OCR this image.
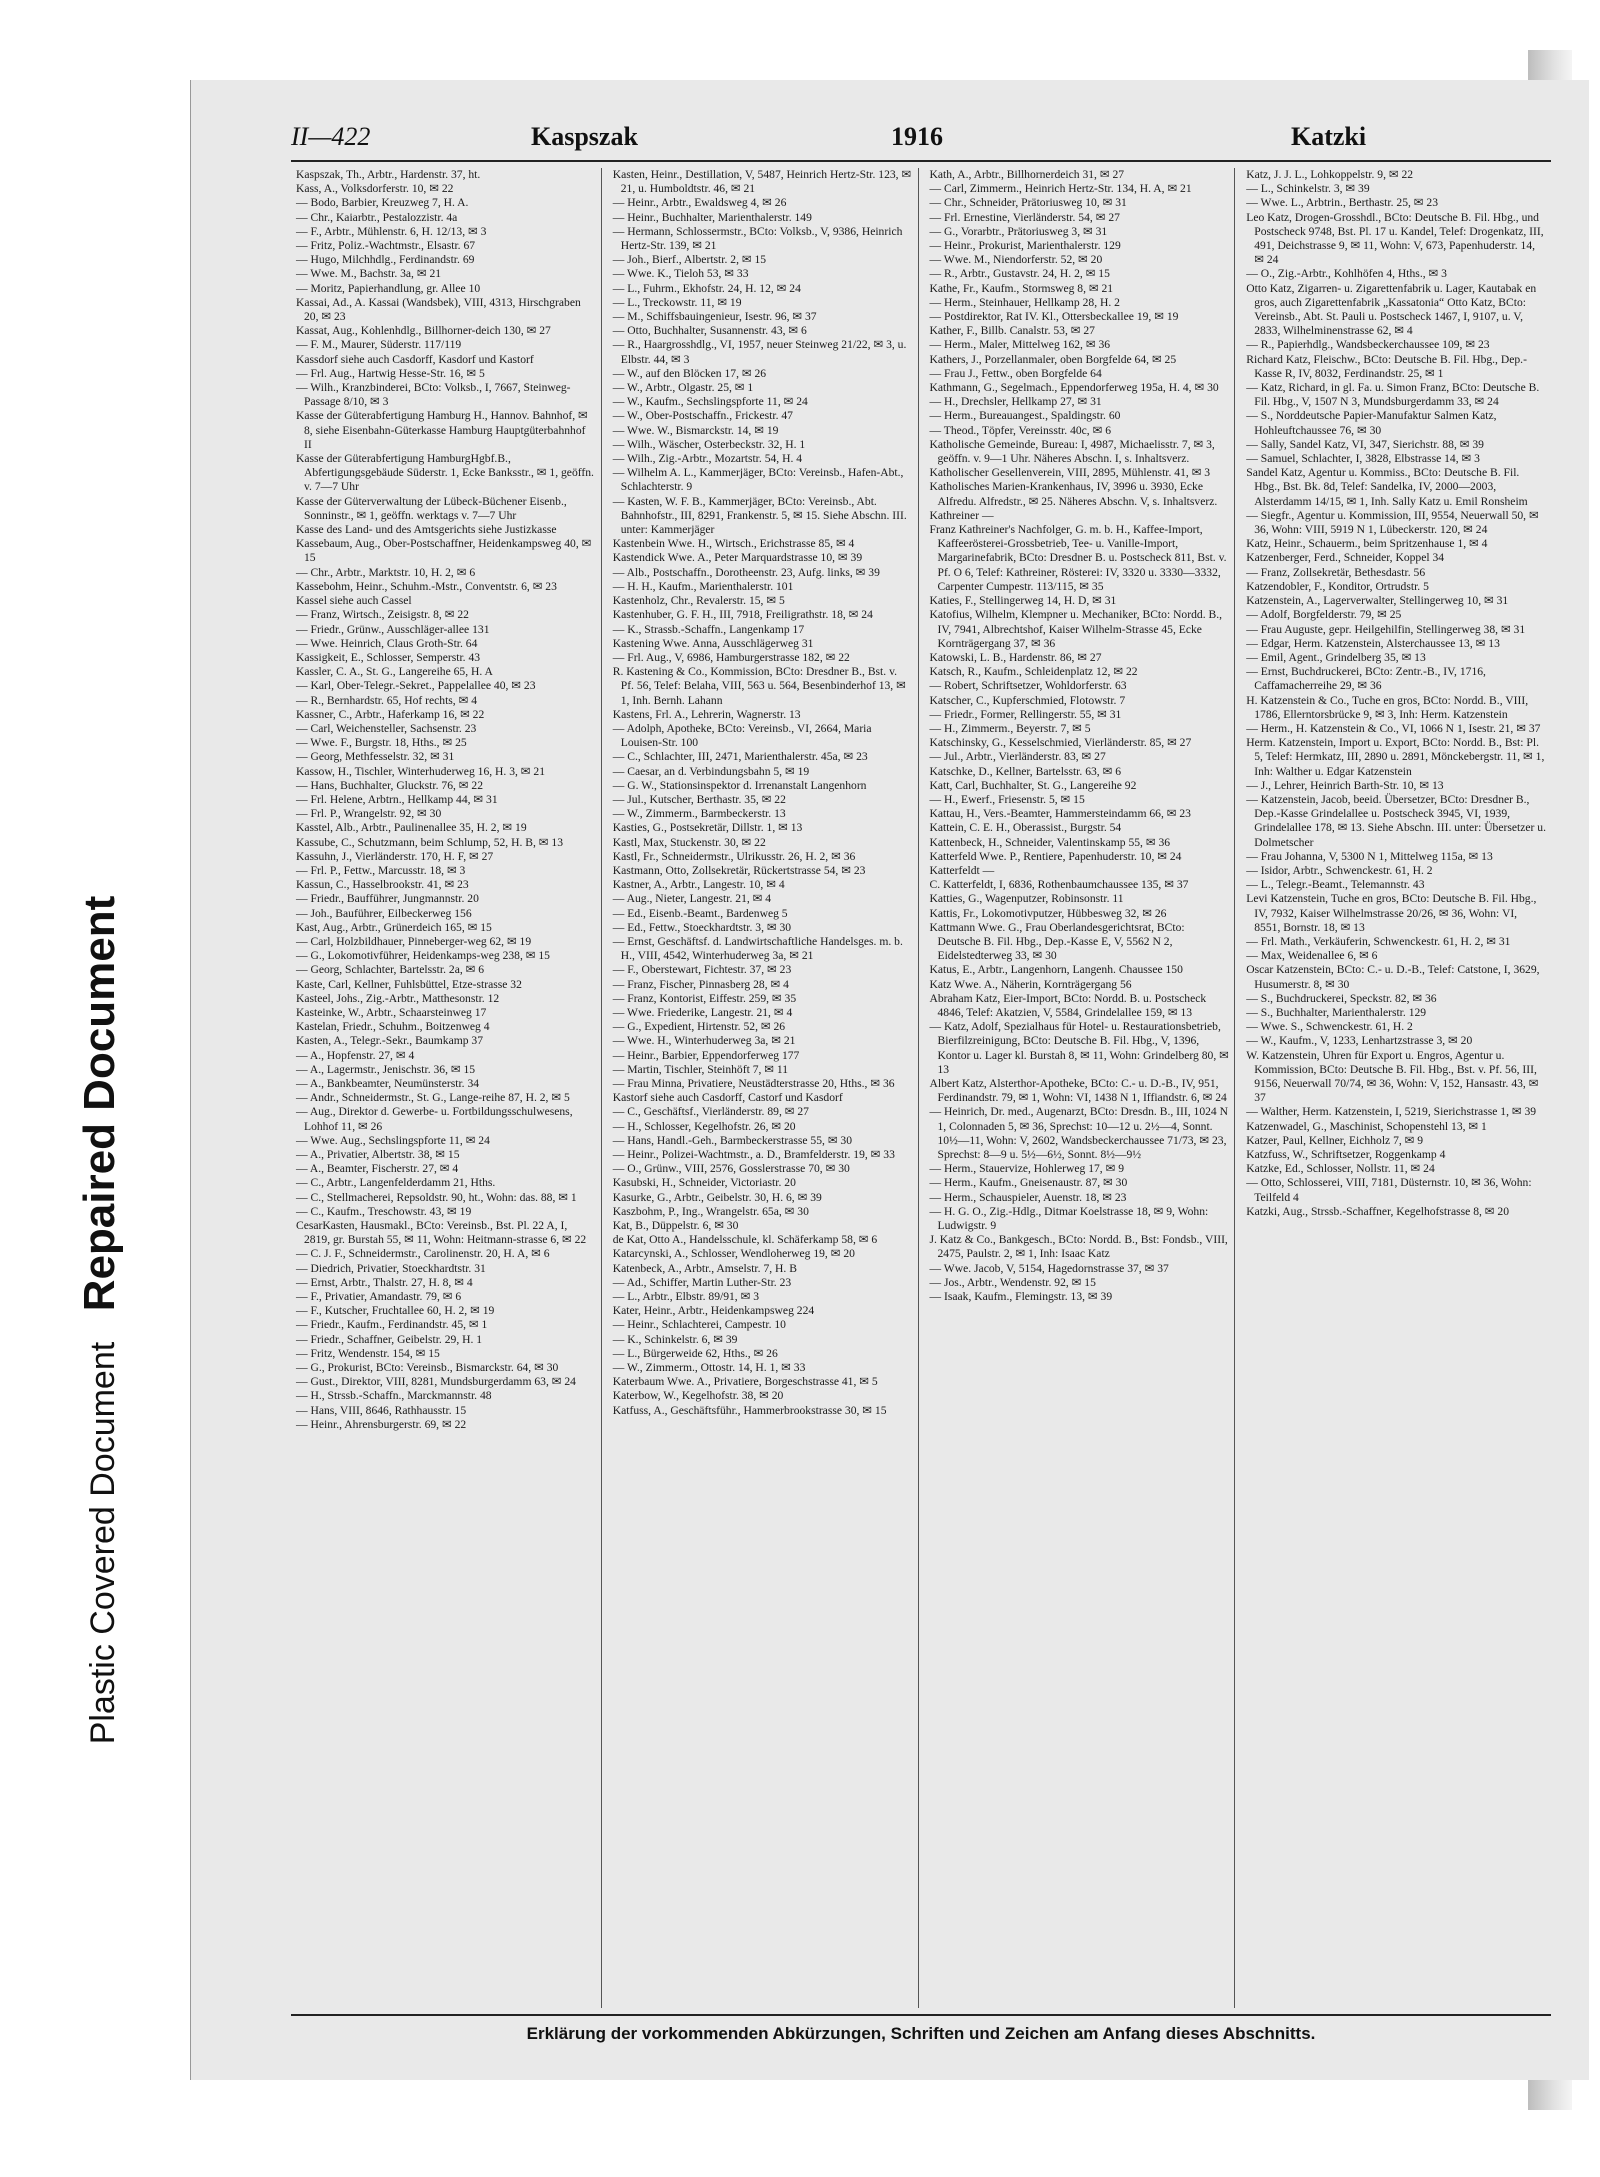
Plastic Covered Document Repaired Document
II—422	Kaspszak	1916	Katzki

Kaspszak, Th., Arbtr., Hardenstr. 37, ht.

Kass, A., Volksdorferstr. 10, ✉ 22

— Bodo, Barbier, Kreuzweg 7, H. A.

— Chr., Kaiarbtr., Pestalozzistr. 4a

— F., Arbtr., Mühlenstr. 6, H. 12/13, ✉ 3

— Fritz, Poliz.-Wachtmstr., Elsastr. 67

— Hugo, Milchhdlg., Ferdinandstr. 69

— Wwe. M., Bachstr. 3a, ✉ 21

— Moritz, Papierhandlung, gr. Allee 10

Kassai, Ad., A. Kassai (Wandsbek), VIII, 4313, Hirschgraben 20, ✉ 23

Kassat, Aug., Kohlenhdlg., Billhorner-deich 130, ✉ 27

— F. M., Maurer, Süderstr. 117/119

Kassdorf siehe auch Casdorff, Kasdorf und Kastorf

— Frl. Aug., Hartwig Hesse-Str. 16, ✉ 5

— Wilh., Kranzbinderei, BCto: Volksb., I, 7667, Steinweg-Passage 8/10, ✉ 3

Kasse der Güterabfertigung Hamburg H., Hannov. Bahnhof, ✉ 8, siehe Eisenbahn-Güterkasse Hamburg Hauptgüterbahnhof II

Kasse der Güterabfertigung HamburgHgbf.B., Abfertigungsgebäude Süderstr. 1, Ecke Banksstr., ✉ 1, geöffn. v. 7—7 Uhr

Kasse der Güterverwaltung der Lübeck-Büchener Eisenb., Sonninstr., ✉ 1, geöffn. werktags v. 7—7 Uhr

Kasse des Land- und des Amtsgerichts siehe Justizkasse

Kassebaum, Aug., Ober-Postschaffner, Heidenkampsweg 40, ✉ 15

— Chr., Arbtr., Marktstr. 10, H. 2, ✉ 6

Kassebohm, Heinr., Schuhm.-Mstr., Conventstr. 6, ✉ 23

Kassel siehe auch Cassel

— Franz, Wirtsch., Zeisigstr. 8, ✉ 22

— Friedr., Grünw., Ausschläger-allee 131

— Wwe. Heinrich, Claus Groth-Str. 64

Kassigkeit, E., Schlosser, Semperstr. 43

Kassler, C. A., St. G., Langereihe 65, H. A

— Karl, Ober-Telegr.-Sekret., Pappelallee 40, ✉ 23

— R., Bernhardstr. 65, Hof rechts, ✉ 4

Kassner, C., Arbtr., Haferkamp 16, ✉ 22

— Carl, Weichensteller, Sachsenstr. 23

— Wwe. F., Burgstr. 18, Hths., ✉ 25

— Georg, Methfesselstr. 32, ✉ 31

Kassow, H., Tischler, Winterhuderweg 16, H. 3, ✉ 21

— Hans, Buchhalter, Gluckstr. 76, ✉ 22

— Frl. Helene, Arbtrn., Hellkamp 44, ✉ 31

— Frl. P., Wrangelstr. 92, ✉ 30

Kasstel, Alb., Arbtr., Paulinenallee 35, H. 2, ✉ 19

Kassube, C., Schutzmann, beim Schlump, 52, H. B, ✉ 13

Kassuhn, J., Vierländerstr. 170, H. F, ✉ 27

— Frl. P., Fettw., Marcusstr. 18, ✉ 3

Kassun, C., Hasselbrookstr. 41, ✉ 23

— Friedr., Baufführer, Jungmannstr. 20

— Joh., Bauführer, Eilbeckerweg 156

Kast, Aug., Arbtr., Grünerdeich 165, ✉ 15

— Carl, Holzbildhauer, Pinneberger-weg 62, ✉ 19

— G., Lokomotivführer, Heidenkamps-weg 238, ✉ 15

— Georg, Schlachter, Bartelsstr. 2a, ✉ 6

Kaste, Carl, Kellner, Fuhlsbüttel, Etze-strasse 32

Kasteel, Johs., Zig.-Arbtr., Matthesonstr. 12

Kasteinke, W., Arbtr., Schaarsteinweg 17

Kastelan, Friedr., Schuhm., Boitzenweg 4

Kasten, A., Telegr.-Sekr., Baumkamp 37

— A., Hopfenstr. 27, ✉ 4

— A., Lagermstr., Jenischstr. 36, ✉ 15

— A., Bankbeamter, Neumünsterstr. 34

— Andr., Schneidermstr., St. G., Lange-reihe 87, H. 2, ✉ 5

— Aug., Direktor d. Gewerbe- u. Fortbildungsschulwesens, Lohhof 11, ✉ 26

— Wwe. Aug., Sechslingspforte 11, ✉ 24

— A., Privatier, Albertstr. 38, ✉ 15

— A., Beamter, Fischerstr. 27, ✉ 4

— C., Arbtr., Langenfelderdamm 21, Hths.

— C., Stellmacherei, Repsoldstr. 90, ht., Wohn: das. 88, ✉ 1

— C., Kaufm., Treschowstr. 43, ✉ 19

CesarKasten, Hausmakl., BCto: Vereinsb., Bst. Pl. 22 A, I, 2819, gr. Burstah 55, ✉ 11, Wohn: Heitmann-strasse 6, ✉ 22

— C. J. F., Schneidermstr., Carolinenstr. 20, H. A, ✉ 6

— Diedrich, Privatier, Stoeckhardtstr. 31

— Ernst, Arbtr., Thalstr. 27, H. 8, ✉ 4

— F., Privatier, Amandastr. 79, ✉ 6

— F., Kutscher, Fruchtallee 60, H. 2, ✉ 19

— Friedr., Kaufm., Ferdinandstr. 45, ✉ 1

— Friedr., Schaffner, Geibelstr. 29, H. 1

— Fritz, Wendenstr. 154, ✉ 15

— G., Prokurist, BCto: Vereinsb., Bismarckstr. 64, ✉ 30

— Gust., Direktor, VIII, 8281, Mundsburgerdamm 63, ✉ 24

— H., Strssb.-Schaffn., Marckmannstr. 48

— Hans, VIII, 8646, Rathhausstr. 15

— Heinr., Ahrensburgerstr. 69, ✉ 22

Kasten, Heinr., Destillation, V, 5487, Heinrich Hertz-Str. 123, ✉ 21, u. Humboldtstr. 46, ✉ 21

— Heinr., Arbtr., Ewaldsweg 4, ✉ 26

— Heinr., Buchhalter, Marienthalerstr. 149

— Hermann, Schlossermstr., BCto: Volksb., V, 9386, Heinrich Hertz-Str. 139, ✉ 21

— Joh., Bierf., Albertstr. 2, ✉ 15

— Wwe. K., Tieloh 53, ✉ 33

— L., Fuhrm., Ekhofstr. 24, H. 12, ✉ 24

— L., Treckowstr. 11, ✉ 19

— M., Schiffsbauingenieur, Isestr. 96, ✉ 37

— Otto, Buchhalter, Susannenstr. 43, ✉ 6

— R., Haargrosshdlg., VI, 1957, neuer Steinweg 21/22, ✉ 3, u. Elbstr. 44, ✉ 3

— W., auf den Blöcken 17, ✉ 26

— W., Arbtr., Olgastr. 25, ✉ 1

— W., Kaufm., Sechslingspforte 11, ✉ 24

— W., Ober-Postschaffn., Frickestr. 47

— Wwe. W., Bismarckstr. 14, ✉ 19

— Wilh., Wäscher, Osterbeckstr. 32, H. 1

— Wilh., Zig.-Arbtr., Mozartstr. 54, H. 4

— Wilhelm A. L., Kammerjäger, BCto: Vereinsb., Hafen-Abt., Schlachterstr. 9

— Kasten, W. F. B., Kammerjäger, BCto: Vereinsb., Abt. Bahnhofstr., III, 8291, Frankenstr. 5, ✉ 15. Siehe Abschn. III. unter: Kammerjäger

Kastenbein Wwe. H., Wirtsch., Erichstrasse 85, ✉ 4

Kastendick Wwe. A., Peter Marquardstrasse 10, ✉ 39

— Alb., Postschaffn., Dorotheenstr. 23, Aufg. links, ✉ 39

— H. H., Kaufm., Marienthalerstr. 101

Kastenholz, Chr., Revalerstr. 15, ✉ 5

Kastenhuber, G. F. H., III, 7918, Freiligrathstr. 18, ✉ 24

— K., Strassb.-Schaffn., Langenkamp 17

Kastening Wwe. Anna, Ausschlägerweg 31

— Frl. Aug., V, 6986, Hamburgerstrasse 182, ✉ 22

R. Kastening & Co., Kommission, BCto: Dresdner B., Bst. v. Pf. 56, Telef: Belaha, VIII, 563 u. 564, Besenbinderhof 13, ✉ 1, Inh. Bernh. Lahann

Kastens, Frl. A., Lehrerin, Wagnerstr. 13

— Adolph, Apotheke, BCto: Vereinsb., VI, 2664, Maria Louisen-Str. 100

— C., Schlachter, III, 2471, Marienthalerstr. 45a, ✉ 23

— Caesar, an d. Verbindungsbahn 5, ✉ 19

— G. W., Stationsinspektor d. Irrenanstalt Langenhorn

— Jul., Kutscher, Berthastr. 35, ✉ 22

— W., Zimmerm., Barmbeckerstr. 13

Kasties, G., Postsekretär, Dillstr. 1, ✉ 13

Kastl, Max, Stuckenstr. 30, ✉ 22

Kastl, Fr., Schneidermstr., Ulrikusstr. 26, H. 2, ✉ 36

Kastmann, Otto, Zollsekretär, Rückertstrasse 54, ✉ 23

Kastner, A., Arbtr., Langestr. 10, ✉ 4

— Aug., Nieter, Langestr. 21, ✉ 4

— Ed., Eisenb.-Beamt., Bardenweg 5

— Ed., Fettw., Stoeckhardtstr. 3, ✉ 30

— Ernst, Geschäftsf. d. Landwirtschaftliche Handelsges. m. b. H., VIII, 4542, Winterhuderweg 3a, ✉ 21

— F., Oberstewart, Fichtestr. 37, ✉ 23

— Franz, Fischer, Pinnasberg 28, ✉ 4

— Franz, Kontorist, Eiffestr. 259, ✉ 35

— Wwe. Friederike, Langestr. 21, ✉ 4

— G., Expedient, Hirtenstr. 52, ✉ 26

— Wwe. H., Winterhuderweg 3a, ✉ 21

— Heinr., Barbier, Eppendorferweg 177

— Martin, Tischler, Steinhöft 7, ✉ 11

— Frau Minna, Privatiere, Neustädterstrasse 20, Hths., ✉ 36

Kastorf siehe auch Casdorff, Castorf und Kasdorf

— C., Geschäftsf., Vierländerstr. 89, ✉ 27

— H., Schlosser, Kegelhofstr. 26, ✉ 20

— Hans, Handl.-Geh., Barmbeckerstrasse 55, ✉ 30

— Heinr., Polizei-Wachtmstr., a. D., Bramfelderstr. 19, ✉ 33

— O., Grünw., VIII, 2576, Gosslerstrasse 70, ✉ 30

Kasubski, H., Schneider, Victoriastr. 20

Kasurke, G., Arbtr., Geibelstr. 30, H. 6, ✉ 39

Kaszbohm, P., Ing., Wrangelstr. 65a, ✉ 30

Kat, B., Düppelstr. 6, ✉ 30

de Kat, Otto A., Handelsschule, kl. Schäferkamp 58, ✉ 6

Katarcynski, A., Schlosser, Wendloherweg 19, ✉ 20

Katenbeck, A., Arbtr., Amselstr. 7, H. B

— Ad., Schiffer, Martin Luther-Str. 23

— L., Arbtr., Elbstr. 89/91, ✉ 3

Kater, Heinr., Arbtr., Heidenkampsweg 224

— Heinr., Schlachterei, Campestr. 10

— K., Schinkelstr. 6, ✉ 39

— L., Bürgerweide 62, Hths., ✉ 26

— W., Zimmerm., Ottostr. 14, H. 1, ✉ 33

Katerbaum Wwe. A., Privatiere, Borgeschstrasse 41, ✉ 5

Katerbow, W., Kegelhofstr. 38, ✉ 20

Katfuss, A., Geschäftsführ., Hammerbrookstrasse 30, ✉ 15

Kath, A., Arbtr., Billhornerdeich 31, ✉ 27

— Carl, Zimmerm., Heinrich Hertz-Str. 134, H. A, ✉ 21

— Chr., Schneider, Prätoriusweg 10, ✉ 31

— Frl. Ernestine, Vierländerstr. 54, ✉ 27

— G., Vorarbtr., Prätoriusweg 3, ✉ 31

— Heinr., Prokurist, Marienthalerstr. 129

— Wwe. M., Niendorferstr. 52, ✉ 20

— R., Arbtr., Gustavstr. 24, H. 2, ✉ 15

Kathe, Fr., Kaufm., Stormsweg 8, ✉ 21

— Herm., Steinhauer, Hellkamp 28, H. 2

— Postdirektor, Rat IV. Kl., Ottersbeckallee 19, ✉ 19

Kather, F., Billb. Canalstr. 53, ✉ 27

— Herm., Maler, Mittelweg 162, ✉ 36

Kathers, J., Porzellanmaler, oben Borgfelde 64, ✉ 25

— Frau J., Fettw., oben Borgfelde 64

Kathmann, G., Segelmach., Eppendorferweg 195a, H. 4, ✉ 30

— H., Drechsler, Hellkamp 27, ✉ 31

— Herm., Bureauangest., Spaldingstr. 60

— Theod., Töpfer, Vereinsstr. 40c, ✉ 6

Katholische Gemeinde, Bureau: I, 4987, Michaelisstr. 7, ✉ 3, geöffn. v. 9—1 Uhr. Näheres Abschn. I, s. Inhaltsverz.

Katholischer Gesellenverein, VIII, 2895, Mühlenstr. 41, ✉ 3

Katholisches Marien-Krankenhaus, IV, 3996 u. 3930, Ecke Alfredu. Alfredstr., ✉ 25. Näheres Abschn. V, s. Inhaltsverz.

Kathreiner —

Franz Kathreiner's Nachfolger, G. m. b. H., Kaffee-Import, Kaffeerösterei-Grossbetrieb, Tee- u. Vanille-Import, Margarinefabrik, BCto: Dresdner B. u. Postscheck 811, Bst. v. Pf. O 6, Telef: Kathreiner, Rösterei: IV, 3320 u. 3330—3332, Carpenter Cumpestr. 113/115, ✉ 35

Katies, F., Stellingerweg 14, H. D, ✉ 31

Katofius, Wilhelm, Klempner u. Mechaniker, BCto: Nordd. B., IV, 7941, Albrechtshof, Kaiser Wilhelm-Strasse 45, Ecke Kornträgergang 37, ✉ 36

Katowski, L. B., Hardenstr. 86, ✉ 27

Katsch, R., Kaufm., Schleidenplatz 12, ✉ 22

— Robert, Schriftsetzer, Wohldorferstr. 63

Katscher, C., Kupferschmied, Flotowstr. 7

— Friedr., Former, Rellingerstr. 55, ✉ 31

— H., Zimmerm., Beyerstr. 7, ✉ 5

Katschinsky, G., Kesselschmied, Vierländerstr. 85, ✉ 27

— Jul., Arbtr., Vierländerstr. 83, ✉ 27

Katschke, D., Kellner, Bartelsstr. 63, ✉ 6

Katt, Carl, Buchhalter, St. G., Langereihe 92

— H., Ewerf., Friesenstr. 5, ✉ 15

Kattau, H., Vers.-Beamter, Hammersteindamm 66, ✉ 23

Kattein, C. E. H., Oberassist., Burgstr. 54

Kattenbeck, H., Schneider, Valentinskamp 55, ✉ 36

Katterfeld Wwe. P., Rentiere, Papenhuderstr. 10, ✉ 24

Katterfeldt —

C. Katterfeldt, I, 6836, Rothenbaumchaussee 135, ✉ 37

Katties, G., Wagenputzer, Robinsonstr. 11

Kattis, Fr., Lokomotivputzer, Hübbesweg 32, ✉ 26

Kattmann Wwe. G., Frau Oberlandesgerichtsrat, BCto: Deutsche B. Fil. Hbg., Dep.-Kasse E, V, 5562 N 2, Eidelstedterweg 33, ✉ 30

Katus, E., Arbtr., Langenhorn, Langenh. Chaussee 150

Katz Wwe. A., Näherin, Kornträgergang 56

Abraham Katz, Eier-Import, BCto: Nordd. B. u. Postscheck 4846, Telef: Akatzien, V, 5584, Grindelallee 159, ✉ 13

— Katz, Adolf, Spezialhaus für Hotel- u. Restaurationsbetrieb, Bierfilzreinigung, BCto: Deutsche B. Fil. Hbg., V, 1396, Kontor u. Lager kl. Burstah 8, ✉ 11, Wohn: Grindelberg 80, ✉ 13

Albert Katz, Alsterthor-Apotheke, BCto: C.- u. D.-B., IV, 951, Ferdinandstr. 79, ✉ 1, Wohn: VI, 1438 N 1, Iffiandstr. 6, ✉ 24

— Heinrich, Dr. med., Augenarzt, BCto: Dresdn. B., III, 1024 N 1, Colonnaden 5, ✉ 36, Sprechst: 10—12 u. 2½—4, Sonnt. 10½—11, Wohn: V, 2602, Wandsbeckerchaussee 71/73, ✉ 23, Sprechst: 8—9 u. 5½—6½, Sonnt. 8½—9½

— Herm., Stauervize, Hohlerweg 17, ✉ 9

— Herm., Kaufm., Gneisenaustr. 87, ✉ 30

— Herm., Schauspieler, Auenstr. 18, ✉ 23

— H. G. O., Zig.-Hdlg., Ditmar Koelstrasse 18, ✉ 9, Wohn: Ludwigstr. 9

J. Katz & Co., Bankgesch., BCto: Nordd. B., Bst: Fondsb., VIII, 2475, Paulstr. 2, ✉ 1, Inh: Isaac Katz

— Wwe. Jacob, V, 5154, Hagedornstrasse 37, ✉ 37

— Jos., Arbtr., Wendenstr. 92, ✉ 15

— Isaak, Kaufm., Flemingstr. 13, ✉ 39

Katz, J. J. L., Lohkoppelstr. 9, ✉ 22

— L., Schinkelstr. 3, ✉ 39

— Wwe. L., Arbtrin., Berthastr. 25, ✉ 23

Leo Katz, Drogen-Grosshdl., BCto: Deutsche B. Fil. Hbg., und Postscheck 9748, Bst. Pl. 17 u. Kandel, Telef: Drogenkatz, III, 491, Deichstrasse 9, ✉ 11, Wohn: V, 673, Papenhuderstr. 14, ✉ 24

— O., Zig.-Arbtr., Kohlhöfen 4, Hths., ✉ 3

Otto Katz, Zigarren- u. Zigarettenfabrik u. Lager, Kautabak en gros, auch Zigarettenfabrik „Kassatonia“ Otto Katz, BCto: Vereinsb., Abt. St. Pauli u. Postscheck 1467, I, 9107, u. V, 2833, Wilhelminenstrasse 62, ✉ 4

— R., Papierhdlg., Wandsbeckerchaussee 109, ✉ 23

Richard Katz, Fleischw., BCto: Deutsche B. Fil. Hbg., Dep.-Kasse R, IV, 8032, Ferdinandstr. 25, ✉ 1

— Katz, Richard, in gl. Fa. u. Simon Franz, BCto: Deutsche B. Fil. Hbg., V, 1507 N 3, Mundsburgerdamm 33, ✉ 24

— S., Norddeutsche Papier-Manufaktur Salmen Katz, Hohleuftchaussee 76, ✉ 30

— Sally, Sandel Katz, VI, 347, Sierichstr. 88, ✉ 39

— Samuel, Schlachter, I, 3828, Elbstrasse 14, ✉ 3

Sandel Katz, Agentur u. Kommiss., BCto: Deutsche B. Fil. Hbg., Bst. Bk. 8d, Telef: Sandelka, IV, 2000—2003, Alsterdamm 14/15, ✉ 1, Inh. Sally Katz u. Emil Ronsheim

— Siegfr., Agentur u. Kommission, III, 9554, Neuerwall 50, ✉ 36, Wohn: VIII, 5919 N 1, Lübeckerstr. 120, ✉ 24

Katz, Heinr., Schauerm., beim Spritzenhause 1, ✉ 4

Katzenberger, Ferd., Schneider, Koppel 34

— Franz, Zollsekretär, Bethesdastr. 56

Katzendobler, F., Konditor, Ortrudstr. 5

Katzenstein, A., Lagerverwalter, Stellingerweg 10, ✉ 31

— Adolf, Borgfelderstr. 79, ✉ 25

— Frau Auguste, gepr. Heilgehilfin, Stellingerweg 38, ✉ 31

— Edgar, Herm. Katzenstein, Alsterchaussee 13, ✉ 13

— Emil, Agent., Grindelberg 35, ✉ 13

— Ernst, Buchdruckerei, BCto: Zentr.-B., IV, 1716, Caffamacherreihe 29, ✉ 36

H. Katzenstein & Co., Tuche en gros, BCto: Nordd. B., VIII, 1786, Ellerntorsbrücke 9, ✉ 3, Inh: Herm. Katzenstein

— Herm., H. Katzenstein & Co., VI, 1066 N 1, Isestr. 21, ✉ 37

Herm. Katzenstein, Import u. Export, BCto: Nordd. B., Bst: Pl. 5, Telef: Hermkatz, III, 2890 u. 2891, Mönckebergstr. 11, ✉ 1, Inh: Walther u. Edgar Katzenstein

— J., Lehrer, Heinrich Barth-Str. 10, ✉ 13

— Katzenstein, Jacob, beeid. Übersetzer, BCto: Dresdner B., Dep.-Kasse Grindelallee u. Postscheck 3945, VI, 1939, Grindelallee 178, ✉ 13. Siehe Abschn. III. unter: Übersetzer u. Dolmetscher

— Frau Johanna, V, 5300 N 1, Mittelweg 115a, ✉ 13

— Isidor, Arbtr., Schwenckestr. 61, H. 2

— L., Telegr.-Beamt., Telemannstr. 43

Levi Katzenstein, Tuche en gros, BCto: Deutsche B. Fil. Hbg., IV, 7932, Kaiser Wilhelmstrasse 20/26, ✉ 36, Wohn: VI, 8551, Bornstr. 18, ✉ 13

— Frl. Math., Verkäuferin, Schwenckestr. 61, H. 2, ✉ 31

— Max, Weidenallee 6, ✉ 6

Oscar Katzenstein, BCto: C.- u. D.-B., Telef: Catstone, I, 3629, Husumerstr. 8, ✉ 30

— S., Buchdruckerei, Speckstr. 82, ✉ 36

— S., Buchhalter, Marienthalerstr. 129

— Wwe. S., Schwenckestr. 61, H. 2

— W., Kaufm., V, 1233, Lenhartzstrasse 3, ✉ 20

W. Katzenstein, Uhren für Export u. Engros, Agentur u. Kommission, BCto: Deutsche B. Fil. Hbg., Bst. v. Pf. 56, III, 9156, Neuerwall 70/74, ✉ 36, Wohn: V, 152, Hansastr. 43, ✉ 37

— Walther, Herm. Katzenstein, I, 5219, Sierichstrasse 1, ✉ 39

Katzenwadel, G., Maschinist, Schopenstehl 13, ✉ 1

Katzer, Paul, Kellner, Eichholz 7, ✉ 9

Katzfuss, W., Schriftsetzer, Roggenkamp 4

Katzke, Ed., Schlosser, Nollstr. 11, ✉ 24

— Otto, Schlosserei, VIII, 7181, Düsternstr. 10, ✉ 36, Wohn: Teilfeld 4

Katzki, Aug., Strssb.-Schaffner, Kegelhofstrasse 8, ✉ 20

Erklärung der vorkommenden Abkürzungen, Schriften und Zeichen am Anfang dieses Abschnitts.
